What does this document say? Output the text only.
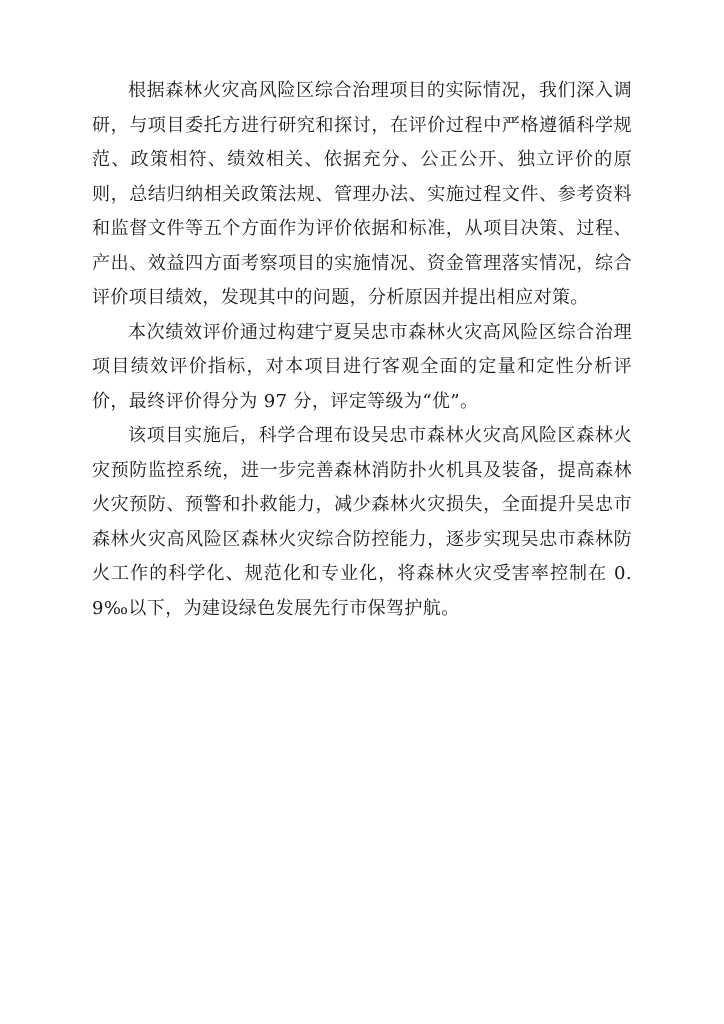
根据森林火灾高风险区综合治理项目的实际情况，我们深入调研，与项目委托方进行研究和探讨，在评价过程中严格遵循科学规范、政策相符、绩效相关、依据充分、公正公开、独立评价的原则，总结归纳相关政策法规、管理办法、实施过程文件、参考资料和监督文件等五个方面作为评价依据和标准，从项目决策、过程、产出、效益四方面考察项目的实施情况、资金管理落实情况，综合评价项目绩效，发现其中的问题，分析原因并提出相应对策。

本次绩效评价通过构建宁夏吴忠市森林火灾高风险区综合治理项目绩效评价指标，对本项目进行客观全面的定量和定性分析评价，最终评价得分为 97 分，评定等级为“优”。

该项目实施后，科学合理布设吴忠市森林火灾高风险区森林火灾预防监控系统，进一步完善森林消防扑火机具及装备，提高森林火灾预防、预警和扑救能力，减少森林火灾损失，全面提升吴忠市森林火灾高风险区森林火灾综合防控能力，逐步实现吴忠市森林防火工作的科学化、规范化和专业化，将森林火灾受害率控制在 0.9‰以下，为建设绿色发展先行市保驾护航。
